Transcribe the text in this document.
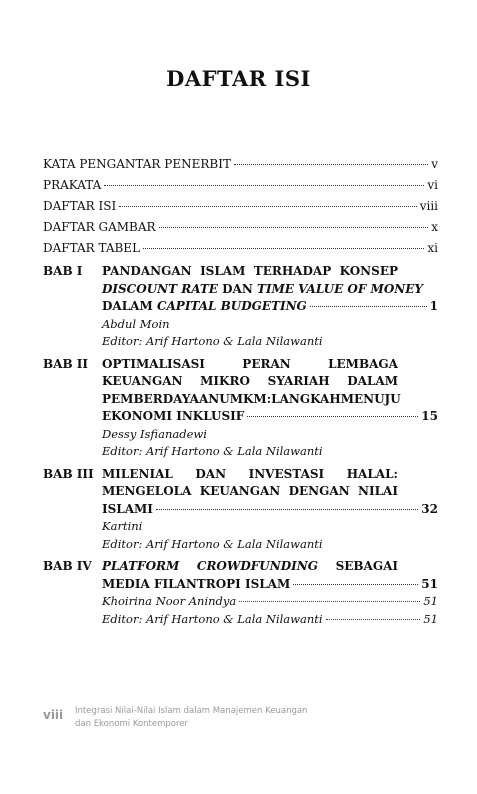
DAFTAR ISI
KATA PENGANTAR PENERBIT	v
PRAKATA	vi
DAFTAR ISI	viii
DAFTAR GAMBAR	x
DAFTAR TABEL	xi
BAB I	PANDANGAN ISLAM TERHADAP KONSEP
DISCOUNT RATE DAN TIME VALUE OF MONEY
DALAM CAPITAL BUDGETING	1
Abdul Moin
Editor: Arif Hartono & Lala Nilawanti
BAB II	OPTIMALISASI	PERAN	LEMBAGA
KEUANGAN MIKRO SYARIAH DALAM
PEMBERDAYAAN UMKM: LANGKAH MENUJU
EKONOMI INKLUSIF	15
Dessy Isfianadewi
Editor: Arif Hartono & Lala Nilawanti
BAB III MILENIAL DAN INVESTASI HALAL:
MENGELOLA KEUANGAN DENGAN NILAI
ISLAMI	32
Kartini
Editor: Arif Hartono & Lala Nilawanti
BAB IV PLATFORM CROWDFUNDING SEBAGAI
MEDIA FILANTROPI ISLAM	51
Khoirina Noor Anindya	51
Editor: Arif Hartono & Lala Nilawanti	51
viii	Integrasi Nilai-Nilai Islam dalam Manajemen Keuangan
dan Ekonomi Kontemporer
